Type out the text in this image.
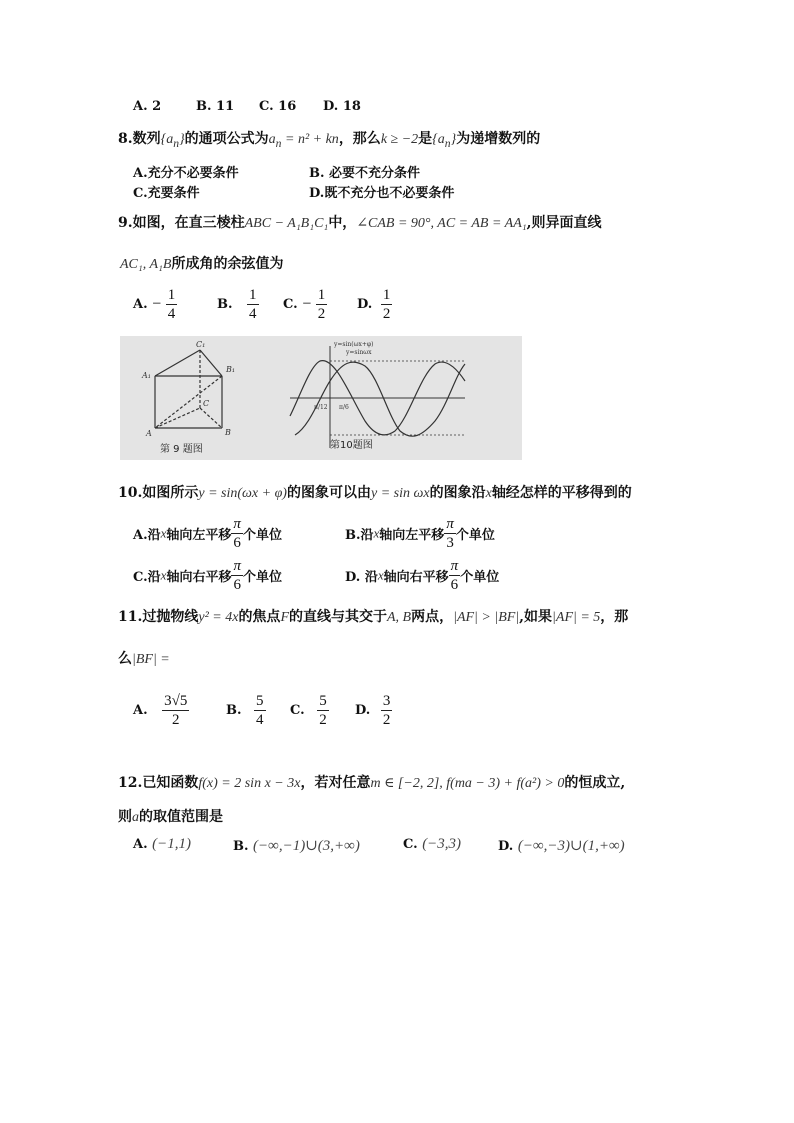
A. 2	B. 11 C. 16 D. 18
8.数列$\{a_n\}$的通项公式为$a_n = n^2$ + kn，那么k ≥ −2是$\{a_n\}$为递增数列的
A.充分不必要条件	B. 必要不充分条件
C.充要条件	D.既不充分也不必要条件
9.如图，在直三棱柱ABC − A₁B₁C₁中，∠CAB = 90°, AC = AB = AA₁,则异面直线
AC₁, A₁B所成角的余弦值为
A. − $\frac{1}{4}$	B. $\frac{1}{4} C$. − $\frac{1}{2} D$. $\frac{1}{2}$
C₁
A₁
B₁
C
A	B
第 9 题图
y=sin(ωx+φ)
y=sinωx
π/12 π/6
第10题图
10.如图所示y = sin(ωx + φ)的图象可以由y = sin ωx的图象沿x轴经怎样的平移得到的
A.沿x轴向左平移 $\frac{\pi}{6}$ 个单位	B.沿x轴向左平移 $\frac{\pi}{3}$ 个单位
C.沿x轴向右平移 $\frac{\pi}{6}$ 个单位	D. 沿x轴向右平移 $\frac{\pi}{6}$ 个单位
11.过抛物线y² = 4x的焦点F的直线与其交于A, B两点，|AF| > |BF|,如果|AF| = 5，那
么|BF| =
A. $\frac{3√5}{2}$	B. $\frac{5}{4} C$. $\frac{5}{2} D$. $\frac{3}{2}$
12.已知函数f(x) = 2 sin x − 3x，若对任意m ∈ [−2, 2], f(ma − 3) + f(a²) > 0的恒成立,
则a的取值范围是
A. (−1,1)	B. (−∞,−1)∪(3,+∞)	C. (−3,3)	D. (−∞,−3)∪(1,+∞)
